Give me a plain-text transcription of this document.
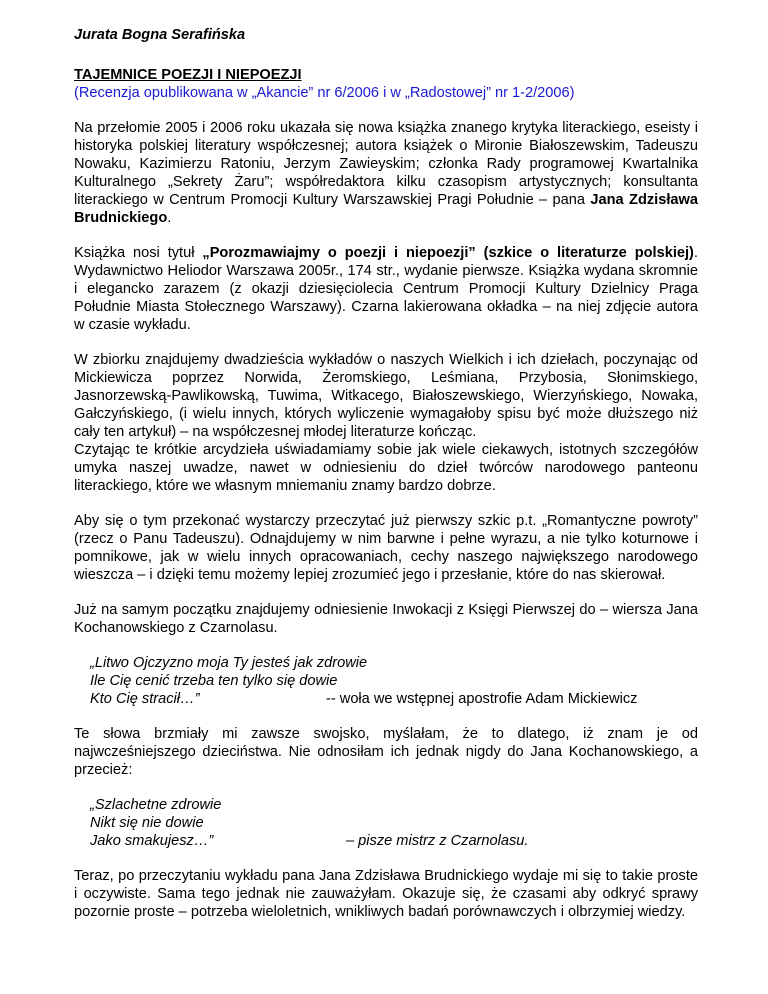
Jurata Bogna Serafińska
TAJEMNICE POEZJI I NIEPOEZJI
(Recenzja opublikowana w „Akancie” nr 6/2006 i w „Radostowej” nr 1-2/2006)

Na przełomie 2005 i 2006 roku ukazała się nowa książka znanego krytyka literackiego, eseisty i historyka polskiej literatury współczesnej; autora książek o Mironie Białoszewskim, Tadeuszu Nowaku, Kazimierzu Ratoniu, Jerzym Zawieyskim; członka Rady programowej Kwartalnika Kulturalnego „Sekrety Żaru”; współredaktora kilku czasopism artystycznych; konsultanta literackiego w Centrum Promocji Kultury Warszawskiej Pragi Południe – pana Jana Zdzisława Brudnickiego.

Książka nosi tytuł „Porozmawiajmy o poezji i niepoezji” (szkice o literaturze polskiej). Wydawnictwo Heliodor Warszawa 2005r., 174 str., wydanie pierwsze. Książka wydana skromnie i elegancko zarazem (z okazji dziesięciolecia Centrum Promocji Kultury Dzielnicy Praga Południe Miasta Stołecznego Warszawy). Czarna lakierowana okładka – na niej zdjęcie autora w czasie wykładu.

W zbiorku znajdujemy dwadzieścia wykładów o naszych Wielkich i ich dziełach, poczynając od Mickiewicza poprzez Norwida, Żeromskiego, Leśmiana, Przybosia, Słonimskiego, Jasnorzewską-Pawlikowską, Tuwima, Witkacego, Białoszewskiego, Wierzyńskiego, Nowaka, Gałczyńskiego, (i wielu innych, których wyliczenie wymagałoby spisu być może dłuższego niż cały ten artykuł) – na współczesnej młodej literaturze kończąc.

Czytając te krótkie arcydzieła uświadamiamy sobie jak wiele ciekawych, istotnych szczegółów umyka naszej uwadze, nawet w odniesieniu do dzieł twórców narodowego panteonu literackiego, które we własnym mniemaniu znamy bardzo dobrze.

Aby się o tym przekonać wystarczy przeczytać już pierwszy szkic p.t. „Romantyczne powroty” (rzecz o Panu Tadeuszu). Odnajdujemy w nim barwne i pełne wyrazu, a nie tylko koturnowe i pomnikowe, jak w wielu innych opracowaniach, cechy naszego największego narodowego wieszcza – i dzięki temu możemy lepiej zrozumieć jego i przesłanie, które do nas skierował.

Już na samym początku znajdujemy odniesienie Inwokacji z Księgi Pierwszej do – wiersza Jana Kochanowskiego z Czarnolasu.

„Litwo Ojczyzno moja Ty jesteś jak zdrowie
Ile Cię cenić trzeba ten tylko się dowie
Kto Cię stracił…”	-- woła we wstępnej apostrofie Adam Mickiewicz

Te słowa brzmiały mi zawsze swojsko, myślałam, że to dlatego, iż znam je od najwcześniejszego dzieciństwa. Nie odnosiłam ich jednak nigdy do Jana Kochanowskiego, a przecież:

„Szlachetne zdrowie
Nikt się nie dowie
Jako smakujesz…”	– pisze mistrz z Czarnolasu.

Teraz, po przeczytaniu wykładu pana Jana Zdzisława Brudnickiego wydaje mi się to takie proste i oczywiste. Sama tego jednak nie zauważyłam. Okazuje się, że czasami aby odkryć sprawy pozornie proste – potrzeba wieloletnich, wnikliwych badań porównawczych i olbrzymiej wiedzy.
